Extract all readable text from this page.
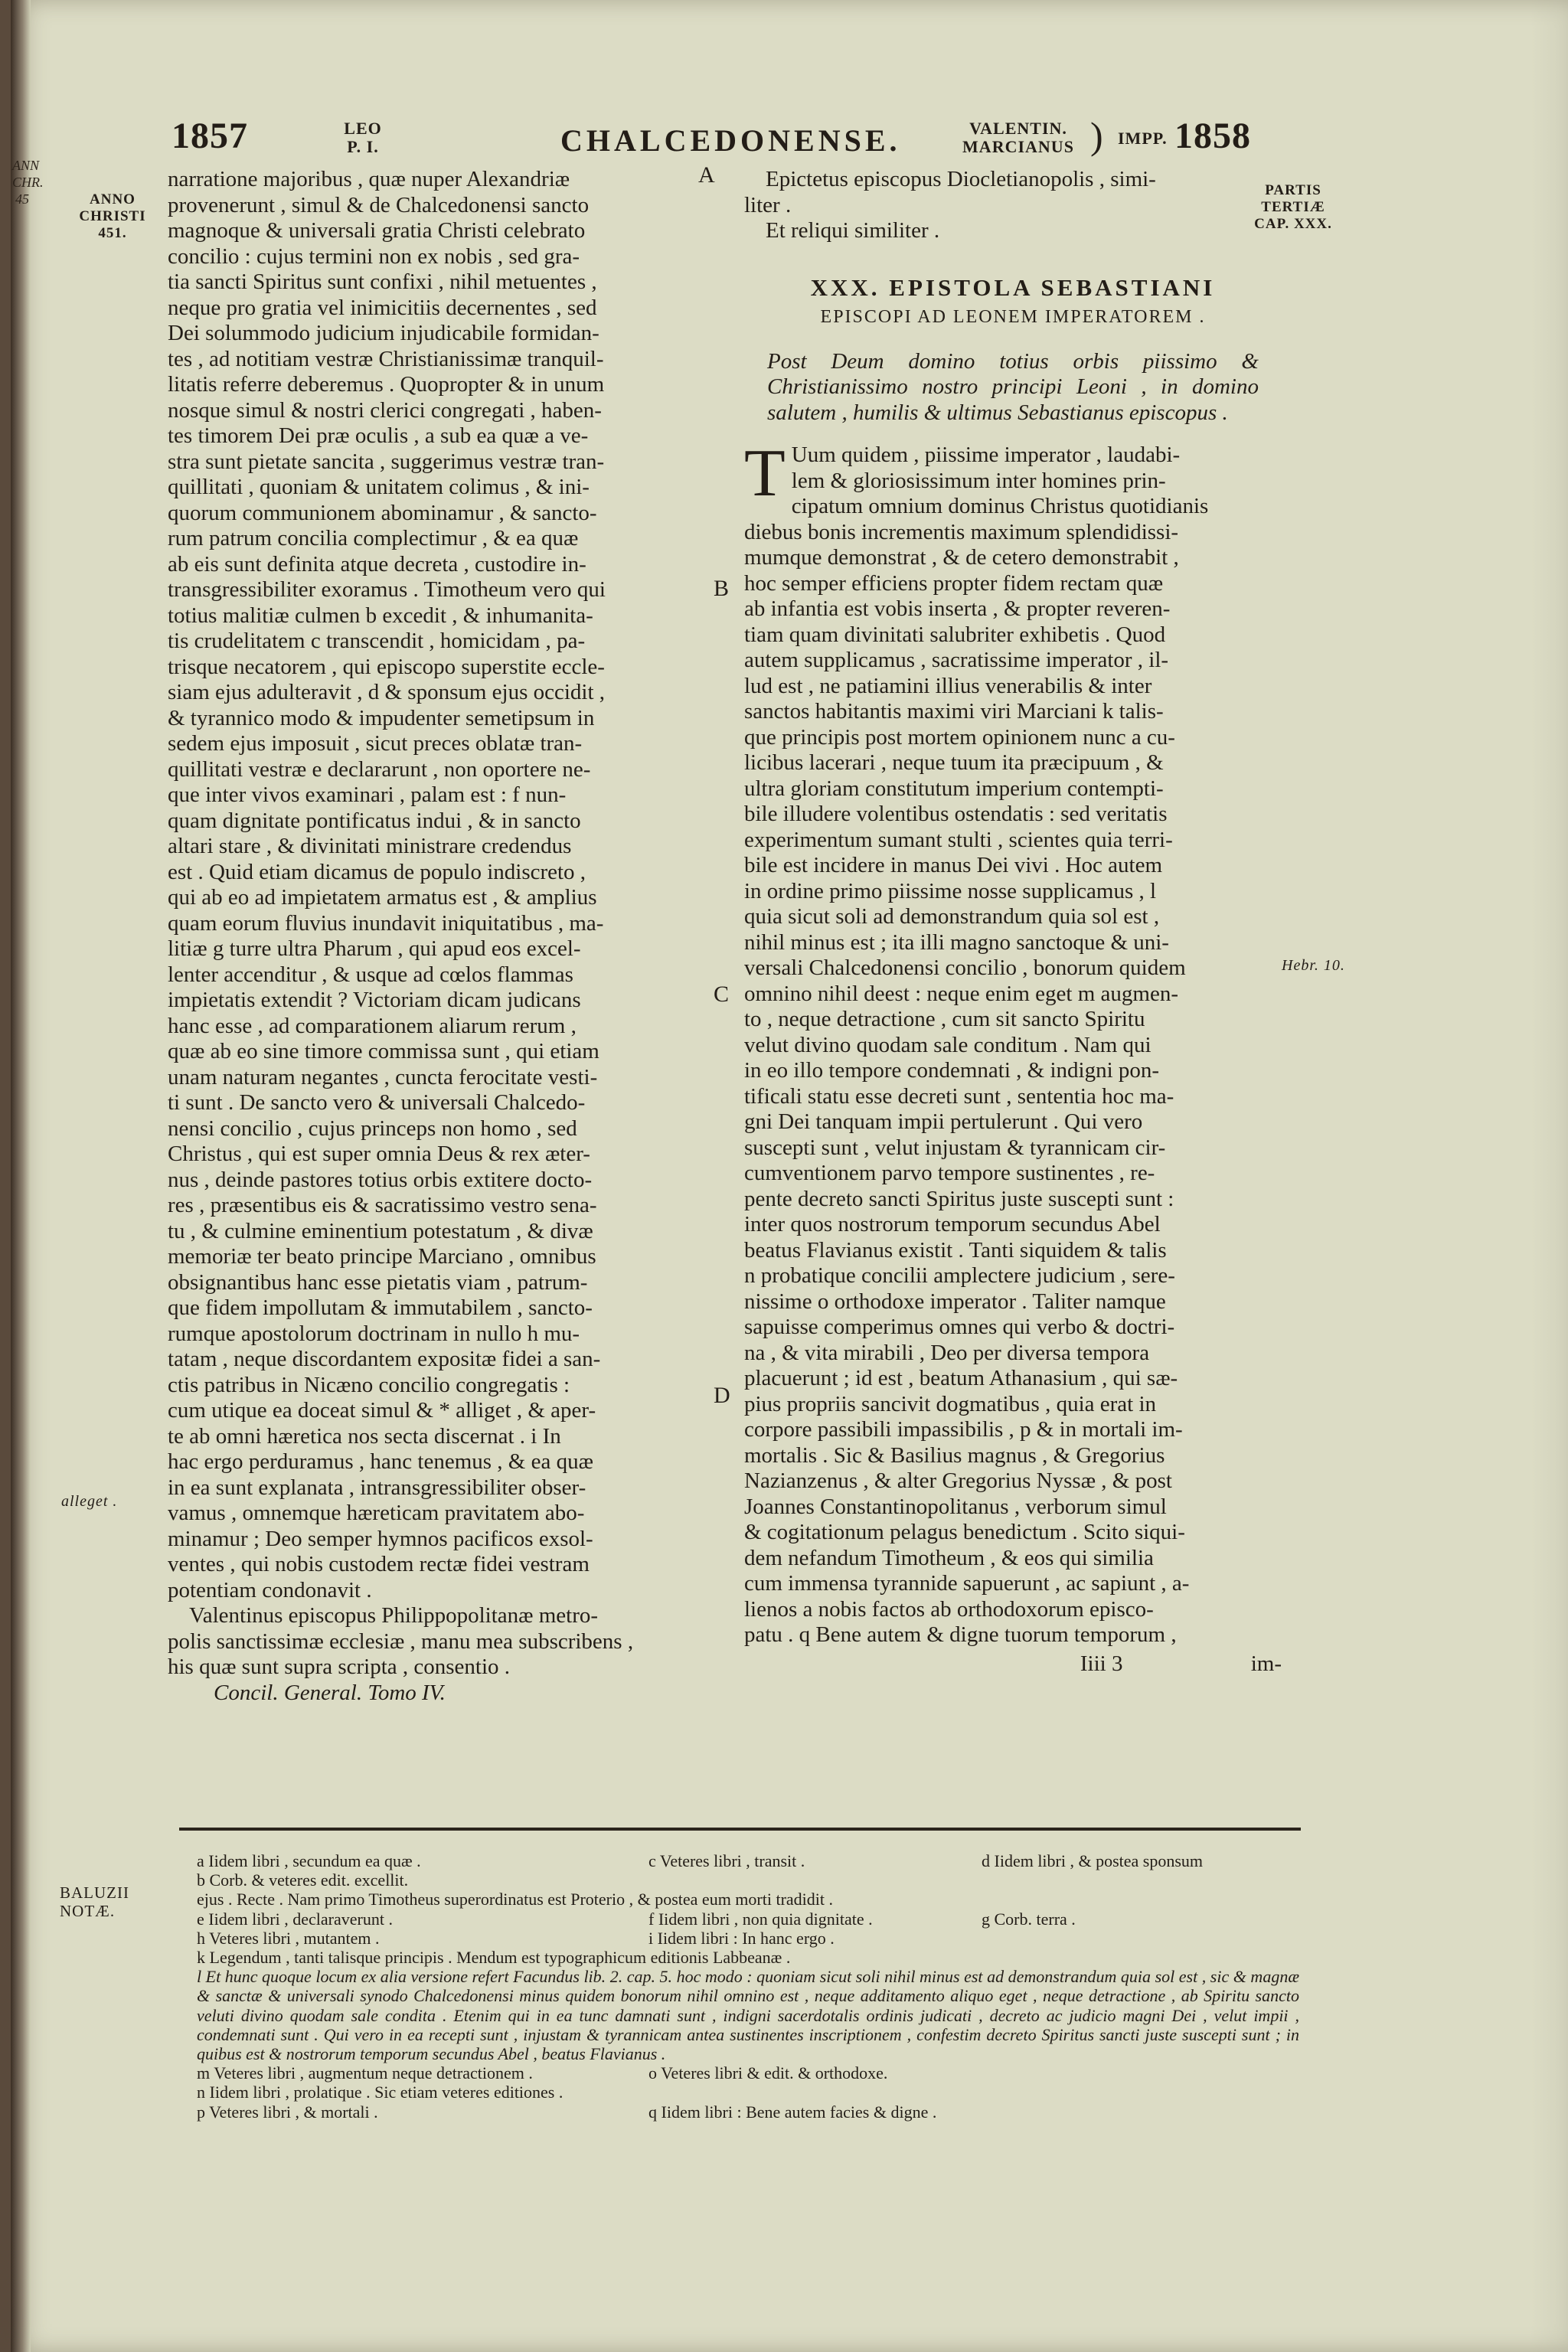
ANN
CHR.
45
1857	LEO
P. I.	CHALCEDONENSE.	VALENTIN.
MARCIANUS ) IMPP. 1858
ANNO
CHRISTI
451.
alleget .
PARTIS
TERTIÆ
CAP. XXX.
Hebr. 10.
A
B
C
D

narratione majoribus , quæ nuper Alexandriæ

provenerunt , simul & de Chalcedonensi sancto

magnoque & universali gratia Christi celebrato

concilio : cujus termini non ex nobis , sed gra-

tia sancti Spiritus sunt confixi , nihil metuentes ,

neque pro gratia vel inimicitiis decernentes , sed

Dei solummodo judicium injudicabile formidan-

tes , ad notitiam vestræ Christianissimæ tranquil-

litatis referre deberemus . Quopropter & in unum

nosque simul & nostri clerici congregati , haben-

tes timorem Dei præ oculis , a sub ea quæ a ve-

stra sunt pietate sancita , suggerimus vestræ tran-

quillitati , quoniam & unitatem colimus , & ini-

quorum communionem abominamur , & sancto-

rum patrum concilia complectimur , & ea quæ

ab eis sunt definita atque decreta , custodire in-

transgressibiliter exoramus . Timotheum vero qui

totius malitiæ culmen b excedit , & inhumanita-

tis crudelitatem c transcendit , homicidam , pa-

trisque necatorem , qui episcopo superstite eccle-

siam ejus adulteravit , d & sponsum ejus occidit ,

& tyrannico modo & impudenter semetipsum in

sedem ejus imposuit , sicut preces oblatæ tran-

quillitati vestræ e declararunt , non oportere ne-

que inter vivos examinari , palam est : f nun-

quam dignitate pontificatus indui , & in sancto

altari stare , & divinitati ministrare credendus

est . Quid etiam dicamus de populo indiscreto ,

qui ab eo ad impietatem armatus est , & amplius

quam eorum fluvius inundavit iniquitatibus , ma-

litiæ g turre ultra Pharum , qui apud eos excel-

lenter accenditur , & usque ad cœlos flammas

impietatis extendit ? Victoriam dicam judicans

hanc esse , ad comparationem aliarum rerum ,

quæ ab eo sine timore commissa sunt , qui etiam

unam naturam negantes , cuncta ferocitate vesti-

ti sunt . De sancto vero & universali Chalcedo-

nensi concilio , cujus princeps non homo , sed

Christus , qui est super omnia Deus & rex æter-

nus , deinde pastores totius orbis extitere docto-

res , præsentibus eis & sacratissimo vestro sena-

tu , & culmine eminentium potestatum , & divæ

memoriæ ter beato principe Marciano , omnibus

obsignantibus hanc esse pietatis viam , patrum-

que fidem impollutam & immutabilem , sancto-

rumque apostolorum doctrinam in nullo h mu-

tatam , neque discordantem expositæ fidei a san-

ctis patribus in Nicæno concilio congregatis :

cum utique ea doceat simul & * alliget , & aper-

te ab omni hæretica nos secta discernat . i In

hac ergo perduramus , hanc tenemus , & ea quæ

in ea sunt explanata , intransgressibiliter obser-

vamus , omnemque hæreticam pravitatem abo-

minamur ; Deo semper hymnos pacificos exsol-

ventes , qui nobis custodem rectæ fidei vestram

potentiam condonavit .

Valentinus episcopus Philippopolitanæ metro-

polis sanctissimæ ecclesiæ , manu mea subscribens ,

his quæ sunt supra scripta , consentio .

Concil. General. Tomo IV.

Epictetus episcopus Diocletianopolis , simi-

liter .

Et reliqui similiter .

XXX. EPISTOLA SEBASTIANI
EPISCOPI AD LEONEM IMPERATOREM .

Post Deum domino totius orbis piissimo & Christianissimo nostro principi Leoni , in domino salutem , humilis & ultimus Sebastianus episcopus .

T Uum quidem , piissime imperator , laudabi-

lem & gloriosissimum inter homines prin-

cipatum omnium dominus Christus quotidianis

diebus bonis incrementis maximum splendidissi-

mumque demonstrat , & de cetero demonstrabit ,

hoc semper efficiens propter fidem rectam quæ

ab infantia est vobis inserta , & propter reveren-

tiam quam divinitati salubriter exhibetis . Quod

autem supplicamus , sacratissime imperator , il-

lud est , ne patiamini illius venerabilis & inter

sanctos habitantis maximi viri Marciani k talis-

que principis post mortem opinionem nunc a cu-

licibus lacerari , neque tuum ita præcipuum , &

ultra gloriam constitutum imperium contempti-

bile illudere volentibus ostendatis : sed veritatis

experimentum sumant stulti , scientes quia terri-

bile est incidere in manus Dei vivi . Hoc autem

in ordine primo piissime nosse supplicamus , l

quia sicut soli ad demonstrandum quia sol est ,

nihil minus est ; ita illi magno sanctoque & uni-

versali Chalcedonensi concilio , bonorum quidem

omnino nihil deest : neque enim eget m augmen-

to , neque detractione , cum sit sancto Spiritu

velut divino quodam sale conditum . Nam qui

in eo illo tempore condemnati , & indigni pon-

tificali statu esse decreti sunt , sententia hoc ma-

gni Dei tanquam impii pertulerunt . Qui vero

suscepti sunt , velut injustam & tyrannicam cir-

cumventionem parvo tempore sustinentes , re-

pente decreto sancti Spiritus juste suscepti sunt :

inter quos nostrorum temporum secundus Abel

beatus Flavianus existit . Tanti siquidem & talis

n probatique concilii amplectere judicium , sere-

nissime o orthodoxe imperator . Taliter namque

sapuisse comperimus omnes qui verbo & doctri-

na , & vita mirabili , Deo per diversa tempora

placuerunt ; id est , beatum Athanasium , qui sæ-

pius propriis sancivit dogmatibus , quia erat in

corpore passibili impassibilis , p & in mortali im-

mortalis . Sic & Basilius magnus , & Gregorius

Nazianzenus , & alter Gregorius Nyssæ , & post

Joannes Constantinopolitanus , verborum simul

& cogitationum pelagus benedictum . Scito siqui-

dem nefandum Timotheum , & eos qui similia

cum immensa tyrannide sapuerunt , ac sapiunt , a-

lienos a nobis factos ab orthodoxorum episco-

patu . q Bene autem & digne tuorum temporum ,

Iiii 3	im-

BALUZII
NOTÆ.
a Iidem libri , secundum ea quæ .	c Veteres libri , transit .	d Iidem libri , & postea sponsum
b Corb. & veteres edit. excellit.
ejus . Recte . Nam primo Timotheus superordinatus est Proterio , & postea eum morti tradidit .
e Iidem libri , declaraverunt .	f Iidem libri , non quia dignitate .	g Corb. terra .
h Veteres libri , mutantem .	i Iidem libri : In hanc ergo .
k Legendum , tanti talisque principis . Mendum est typographicum editionis Labbeanæ .
l Et hunc quoque locum ex alia versione refert Facundus lib. 2. cap. 5. hoc modo : quoniam sicut soli nihil minus est ad demonstrandum quia sol est , sic & magnæ & sanctæ & universali synodo Chalcedonensi minus quidem bonorum nihil omnino est , neque additamento aliquo eget , neque detractione , ab Spiritu sancto veluti divino quodam sale condita . Etenim qui in ea tunc damnati sunt , indigni sacerdotalis ordinis judicati , decreto ac judicio magni Dei , velut impii , condemnati sunt . Qui vero in ea recepti sunt , injustam & tyrannicam antea sustinentes inscriptionem , confestim decreto Spiritus sancti juste suscepti sunt ; in quibus est & nostrorum temporum secundus Abel , beatus Flavianus .
m Veteres libri , augmentum neque detractionem .	o Veteres libri & edit. & orthodoxe.
n Iidem libri , prolatique . Sic etiam veteres editiones .
p Veteres libri , & mortali .	q Iidem libri : Bene autem facies & digne .
